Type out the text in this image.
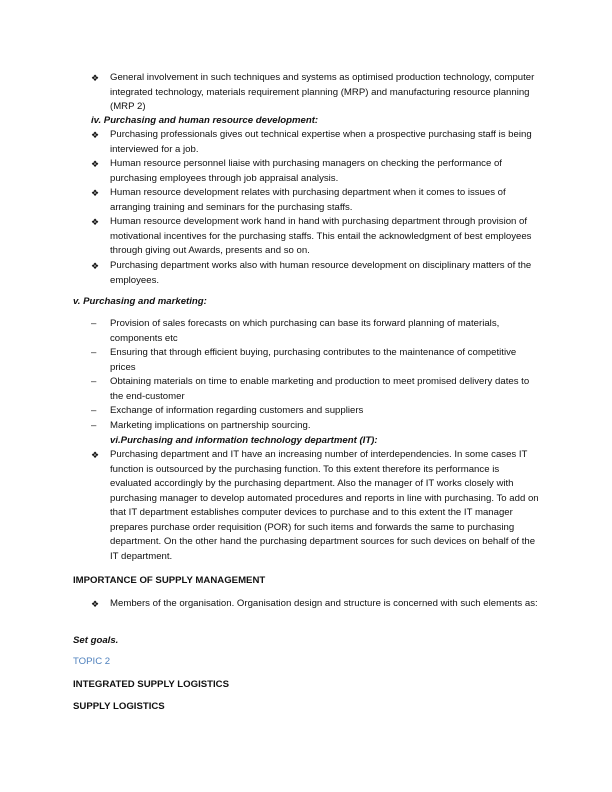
❖ General involvement in such techniques and systems as optimised production technology, computer integrated technology, materials requirement planning (MRP) and manufacturing resource planning (MRP 2)
iv. Purchasing and human resource development:
❖ Purchasing professionals gives out technical expertise when a prospective purchasing staff is being interviewed for a job.
❖ Human resource personnel liaise with purchasing managers on checking the performance of purchasing employees through job appraisal analysis.
❖ Human resource development relates with purchasing department when it comes to issues of arranging training and seminars for the purchasing staffs.
❖ Human resource development work hand in hand with purchasing department through provision of motivational incentives for the purchasing staffs. This entail the acknowledgment of best employees through giving out Awards, presents and so on.
❖ Purchasing department works also with human resource development on disciplinary matters of the employees.
v. Purchasing and marketing:
– Provision of sales forecasts on which purchasing can base its forward planning of materials, components etc
– Ensuring that through efficient buying, purchasing contributes to the maintenance of competitive prices
– Obtaining materials on time to enable marketing and production to meet promised delivery dates to the end-customer
– Exchange of information regarding customers and suppliers
– Marketing implications on partnership sourcing.
vi.Purchasing and information technology department (IT):
❖ Purchasing department and IT have an increasing number of interdependencies. In some cases IT function is outsourced by the purchasing function. To this extent therefore its performance is evaluated accordingly by the purchasing department. Also the manager of IT works closely with purchasing manager to develop automated procedures and reports in line with purchasing. To add on that IT department establishes computer devices to purchase and to this extent the IT manager prepares purchase order requisition (POR) for such items and forwards the same to purchasing department. On the other hand the purchasing department sources for such devices on behalf of the IT department.
IMPORTANCE OF SUPPLY MANAGEMENT
❖ Members of the organisation. Organisation design and structure is concerned with such elements as:
Set goals.
TOPIC 2
INTEGRATED SUPPLY LOGISTICS
SUPPLY LOGISTICS
